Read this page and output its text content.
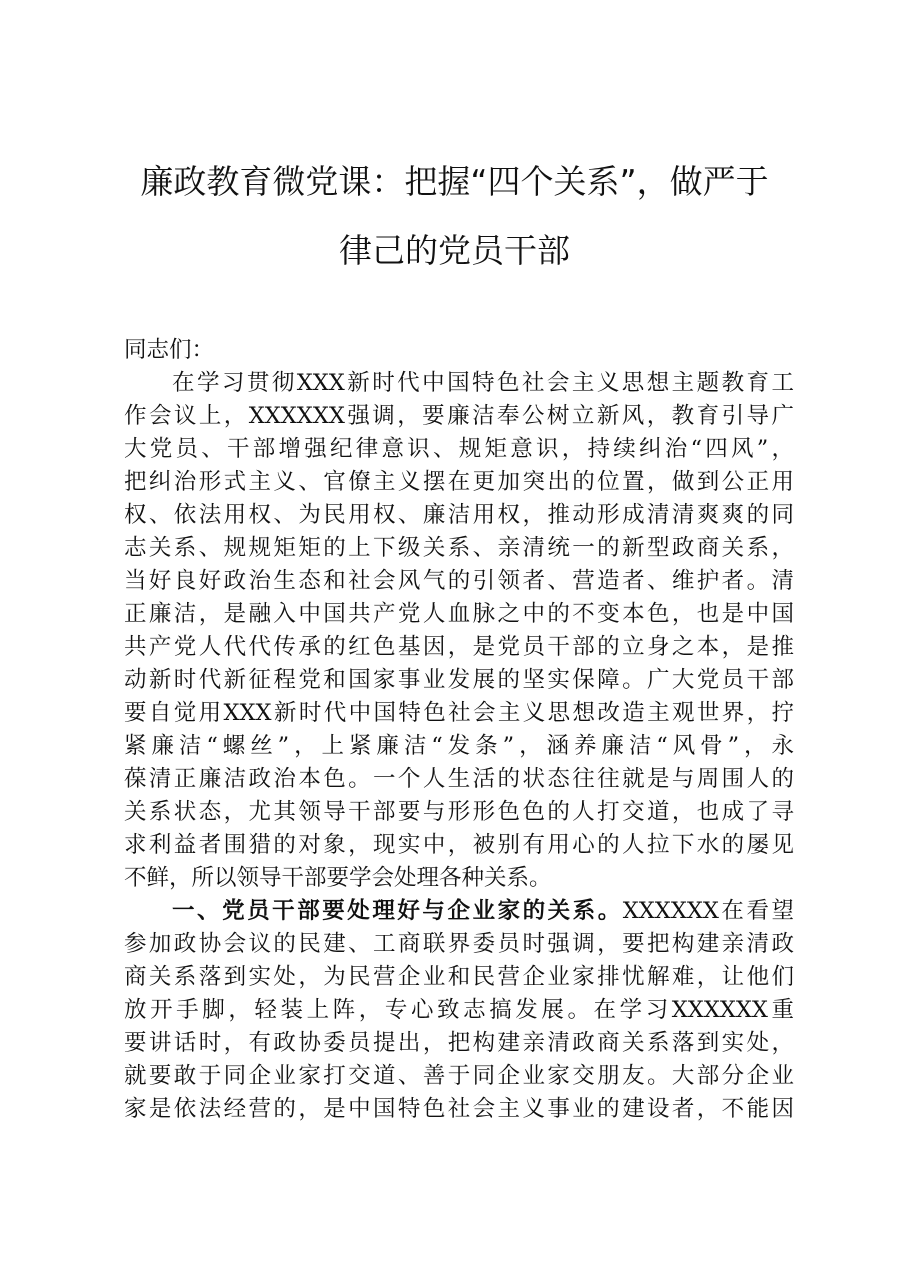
廉政教育微党课：把握“四个关系”，做严于
律己的党员干部
同志们：
在学习贯彻XXX新时代中国特色社会主义思想主题教育工
作会议上，XXXXXX强调，要廉洁奉公树立新风，教育引导广
大党员、干部增强纪律意识、规矩意识，持续纠治“四风”，
把纠治形式主义、官僚主义摆在更加突出的位置，做到公正用
权、依法用权、为民用权、廉洁用权，推动形成清清爽爽的同
志关系、规规矩矩的上下级关系、亲清统一的新型政商关系，
当好良好政治生态和社会风气的引领者、营造者、维护者。清
正廉洁，是融入中国共产党人血脉之中的不变本色，也是中国
共产党人代代传承的红色基因，是党员干部的立身之本，是推
动新时代新征程党和国家事业发展的坚实保障。广大党员干部
要自觉用XXX新时代中国特色社会主义思想改造主观世界，拧
紧廉洁“螺丝”，上紧廉洁“发条”，涵养廉洁“风骨”，永
葆清正廉洁政治本色。一个人生活的状态往往就是与周围人的
关系状态，尤其领导干部要与形形色色的人打交道，也成了寻
求利益者围猎的对象，现实中，被别有用心的人拉下水的屡见
不鲜，所以领导干部要学会处理各种关系。
一、党员干部要处理好与企业家的关系。XXXXXX在看望
参加政协会议的民建、工商联界委员时强调，要把构建亲清政
商关系落到实处，为民营企业和民营企业家排忧解难，让他们
放开手脚，轻装上阵，专心致志搞发展。在学习XXXXXX重
要讲话时，有政协委员提出，把构建亲清政商关系落到实处，
就要敢于同企业家打交道、善于同企业家交朋友。大部分企业
家是依法经营的，是中国特色社会主义事业的建设者，不能因
